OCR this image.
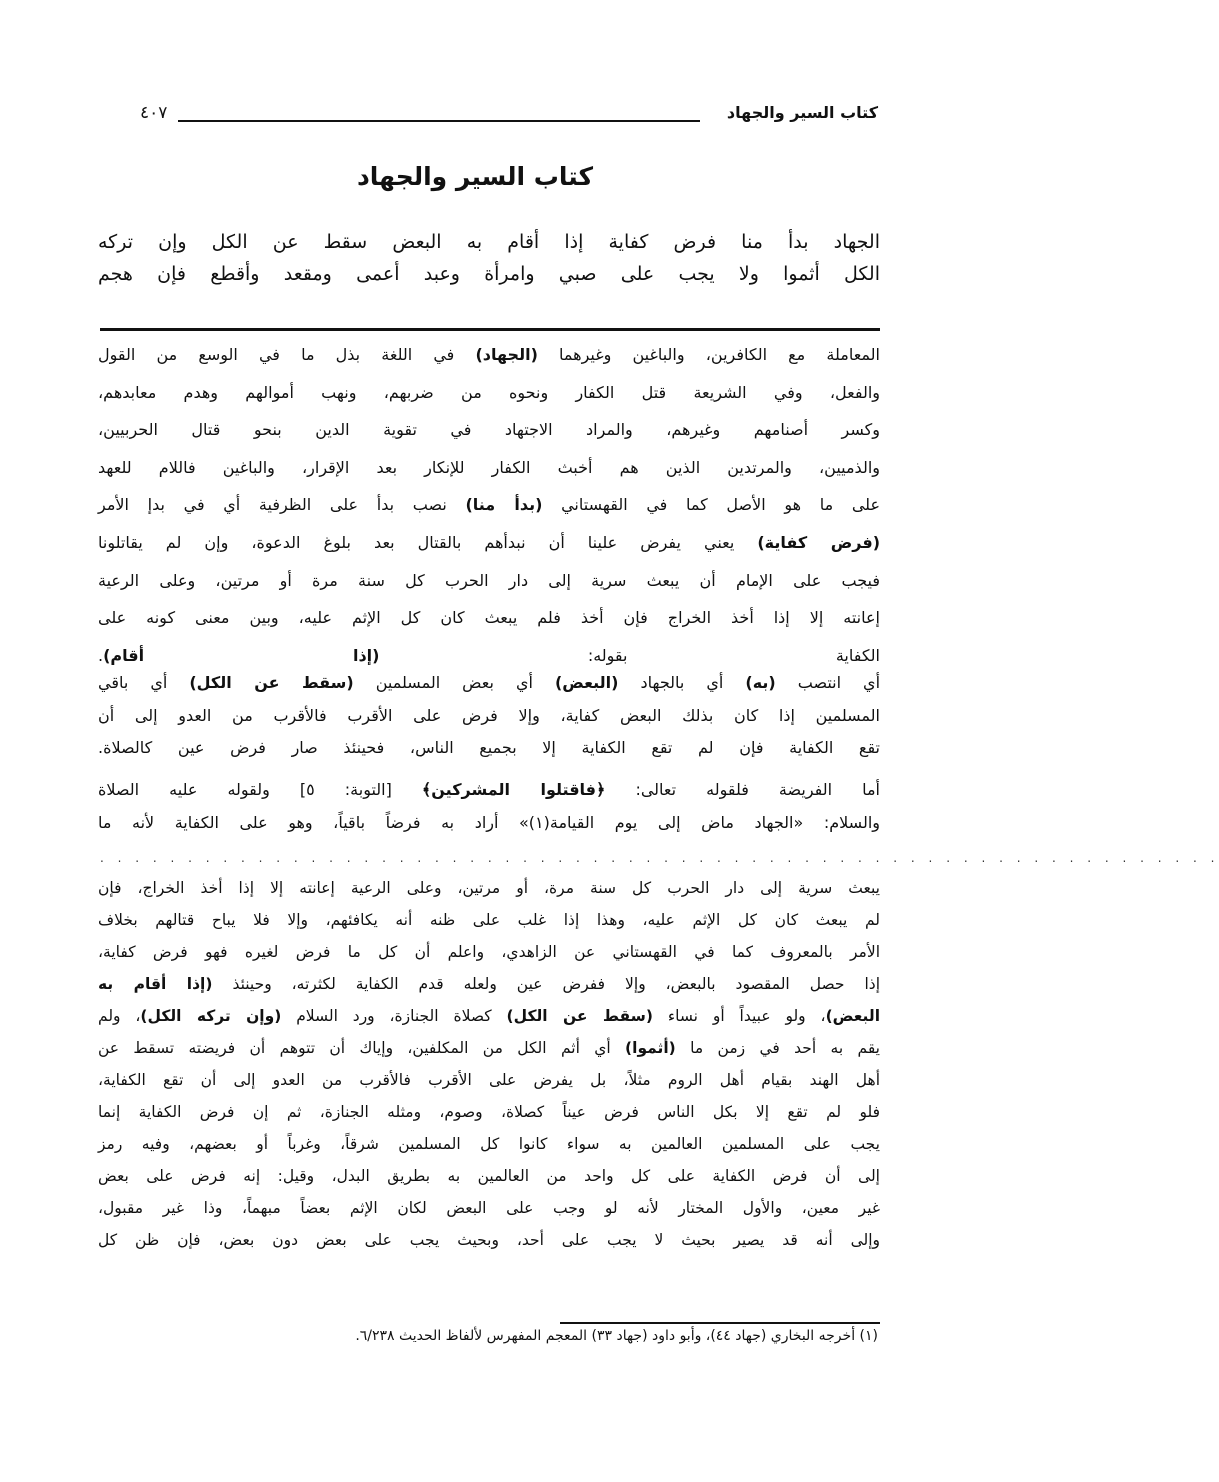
كتاب السير والجهاد
٤٠٧
كتاب السير والجهاد
الجهاد بدأ منا فرض كفاية إذا أقام به البعض سقط عن الكل وإن تركه
الكل أثموا ولا يجب على صبي وامرأة وعبد أعمى ومقعد وأقطع فإن هجم
المعاملة مع الكافرين، والباغين وغيرهما (الجهاد) في اللغة بذل ما في الوسع من القول
والفعل، وفي الشريعة قتل الكفار ونحوه من ضربهم، ونهب أموالهم وهدم معابدهم،
وكسر أصنامهم وغيرهم، والمراد الاجتهاد في تقوية الدين بنحو قتال الحربيين،
والذميين، والمرتدين الذين هم أخبث الكفار للإنكار بعد الإقرار، والباغين فاللام للعهد
على ما هو الأصل كما في القهستاني (بدأ منا) نصب بدأ على الظرفية أي في بدإ الأمر
(فرض كفاية) يعني يفرض علينا أن نبدأهم بالقتال بعد بلوغ الدعوة، وإن لم يقاتلونا
فيجب على الإمام أن يبعث سرية إلى دار الحرب كل سنة مرة أو مرتين، وعلى الرعية
إعانته إلا إذا أخذ الخراج فإن أخذ فلم يبعث كان كل الإثم عليه، وبين معنى كونه على
الكفاية بقوله: (إذا أقام).
أي انتصب (به) أي بالجهاد (البعض) أي بعض المسلمين (سقط عن الكل) أي باقي
المسلمين إذا كان بذلك البعض كفاية، وإلا فرض على الأقرب فالأقرب من العدو إلى أن
تقع الكفاية فإن لم تقع الكفاية إلا بجميع الناس، فحينئذ صار فرض عين كالصلاة.
أما الفريضة فلقوله تعالى: ﴿فاقتلوا المشركين﴾ [التوبة: ٥] ولقوله عليه الصلاة
والسلام: «الجهاد ماض إلى يوم القيامة(١)» أراد به فرضاً باقياً، وهو على الكفاية لأنه ما
. . . . . . . . . . . . . . . . . . . . . . . . . . . . . . . . . . . . . . . . . . . . . . . . . . . . . . . . . . . . . . . .
يبعث سرية إلى دار الحرب كل سنة مرة، أو مرتين، وعلى الرعية إعانته إلا إذا أخذ الخراج، فإن
لم يبعث كان كل الإثم عليه، وهذا إذا غلب على ظنه أنه يكافئهم، وإلا فلا يباح قتالهم بخلاف
الأمر بالمعروف كما في القهستاني عن الزاهدي، واعلم أن كل ما فرض لغيره فهو فرض كفاية،
إذا حصل المقصود بالبعض، وإلا ففرض عين ولعله قدم الكفاية لكثرته، وحينئذ (إذا أقام به
البعض)، ولو عبيداً أو نساء (سقط عن الكل) كصلاة الجنازة، ورد السلام (وإن تركه الكل)، ولم
يقم به أحد في زمن ما (أثموا) أي أثم الكل من المكلفين، وإياك أن تتوهم أن فريضته تسقط عن
أهل الهند بقيام أهل الروم مثلاً، بل يفرض على الأقرب فالأقرب من العدو إلى أن تقع الكفاية،
فلو لم تقع إلا بكل الناس فرض عيناً كصلاة، وصوم، ومثله الجنازة، ثم إن فرض الكفاية إنما
يجب على المسلمين العالمين به سواء كانوا كل المسلمين شرقاً، وغرباً أو بعضهم، وفيه رمز
إلى أن فرض الكفاية على كل واحد من العالمين به بطريق البدل، وقيل: إنه فرض على بعض
غير معين، والأول المختار لأنه لو وجب على البعض لكان الإثم بعضاً مبهماً، وذا غير مقبول،
وإلى أنه قد يصير بحيث لا يجب على أحد، وبحيث يجب على بعض دون بعض، فإن ظن كل
(١) أخرجه البخاري (جهاد ٤٤)، وأبو داود (جهاد ٣٣) المعجم المفهرس لألفاظ الحديث ٦/٢٣٨.
